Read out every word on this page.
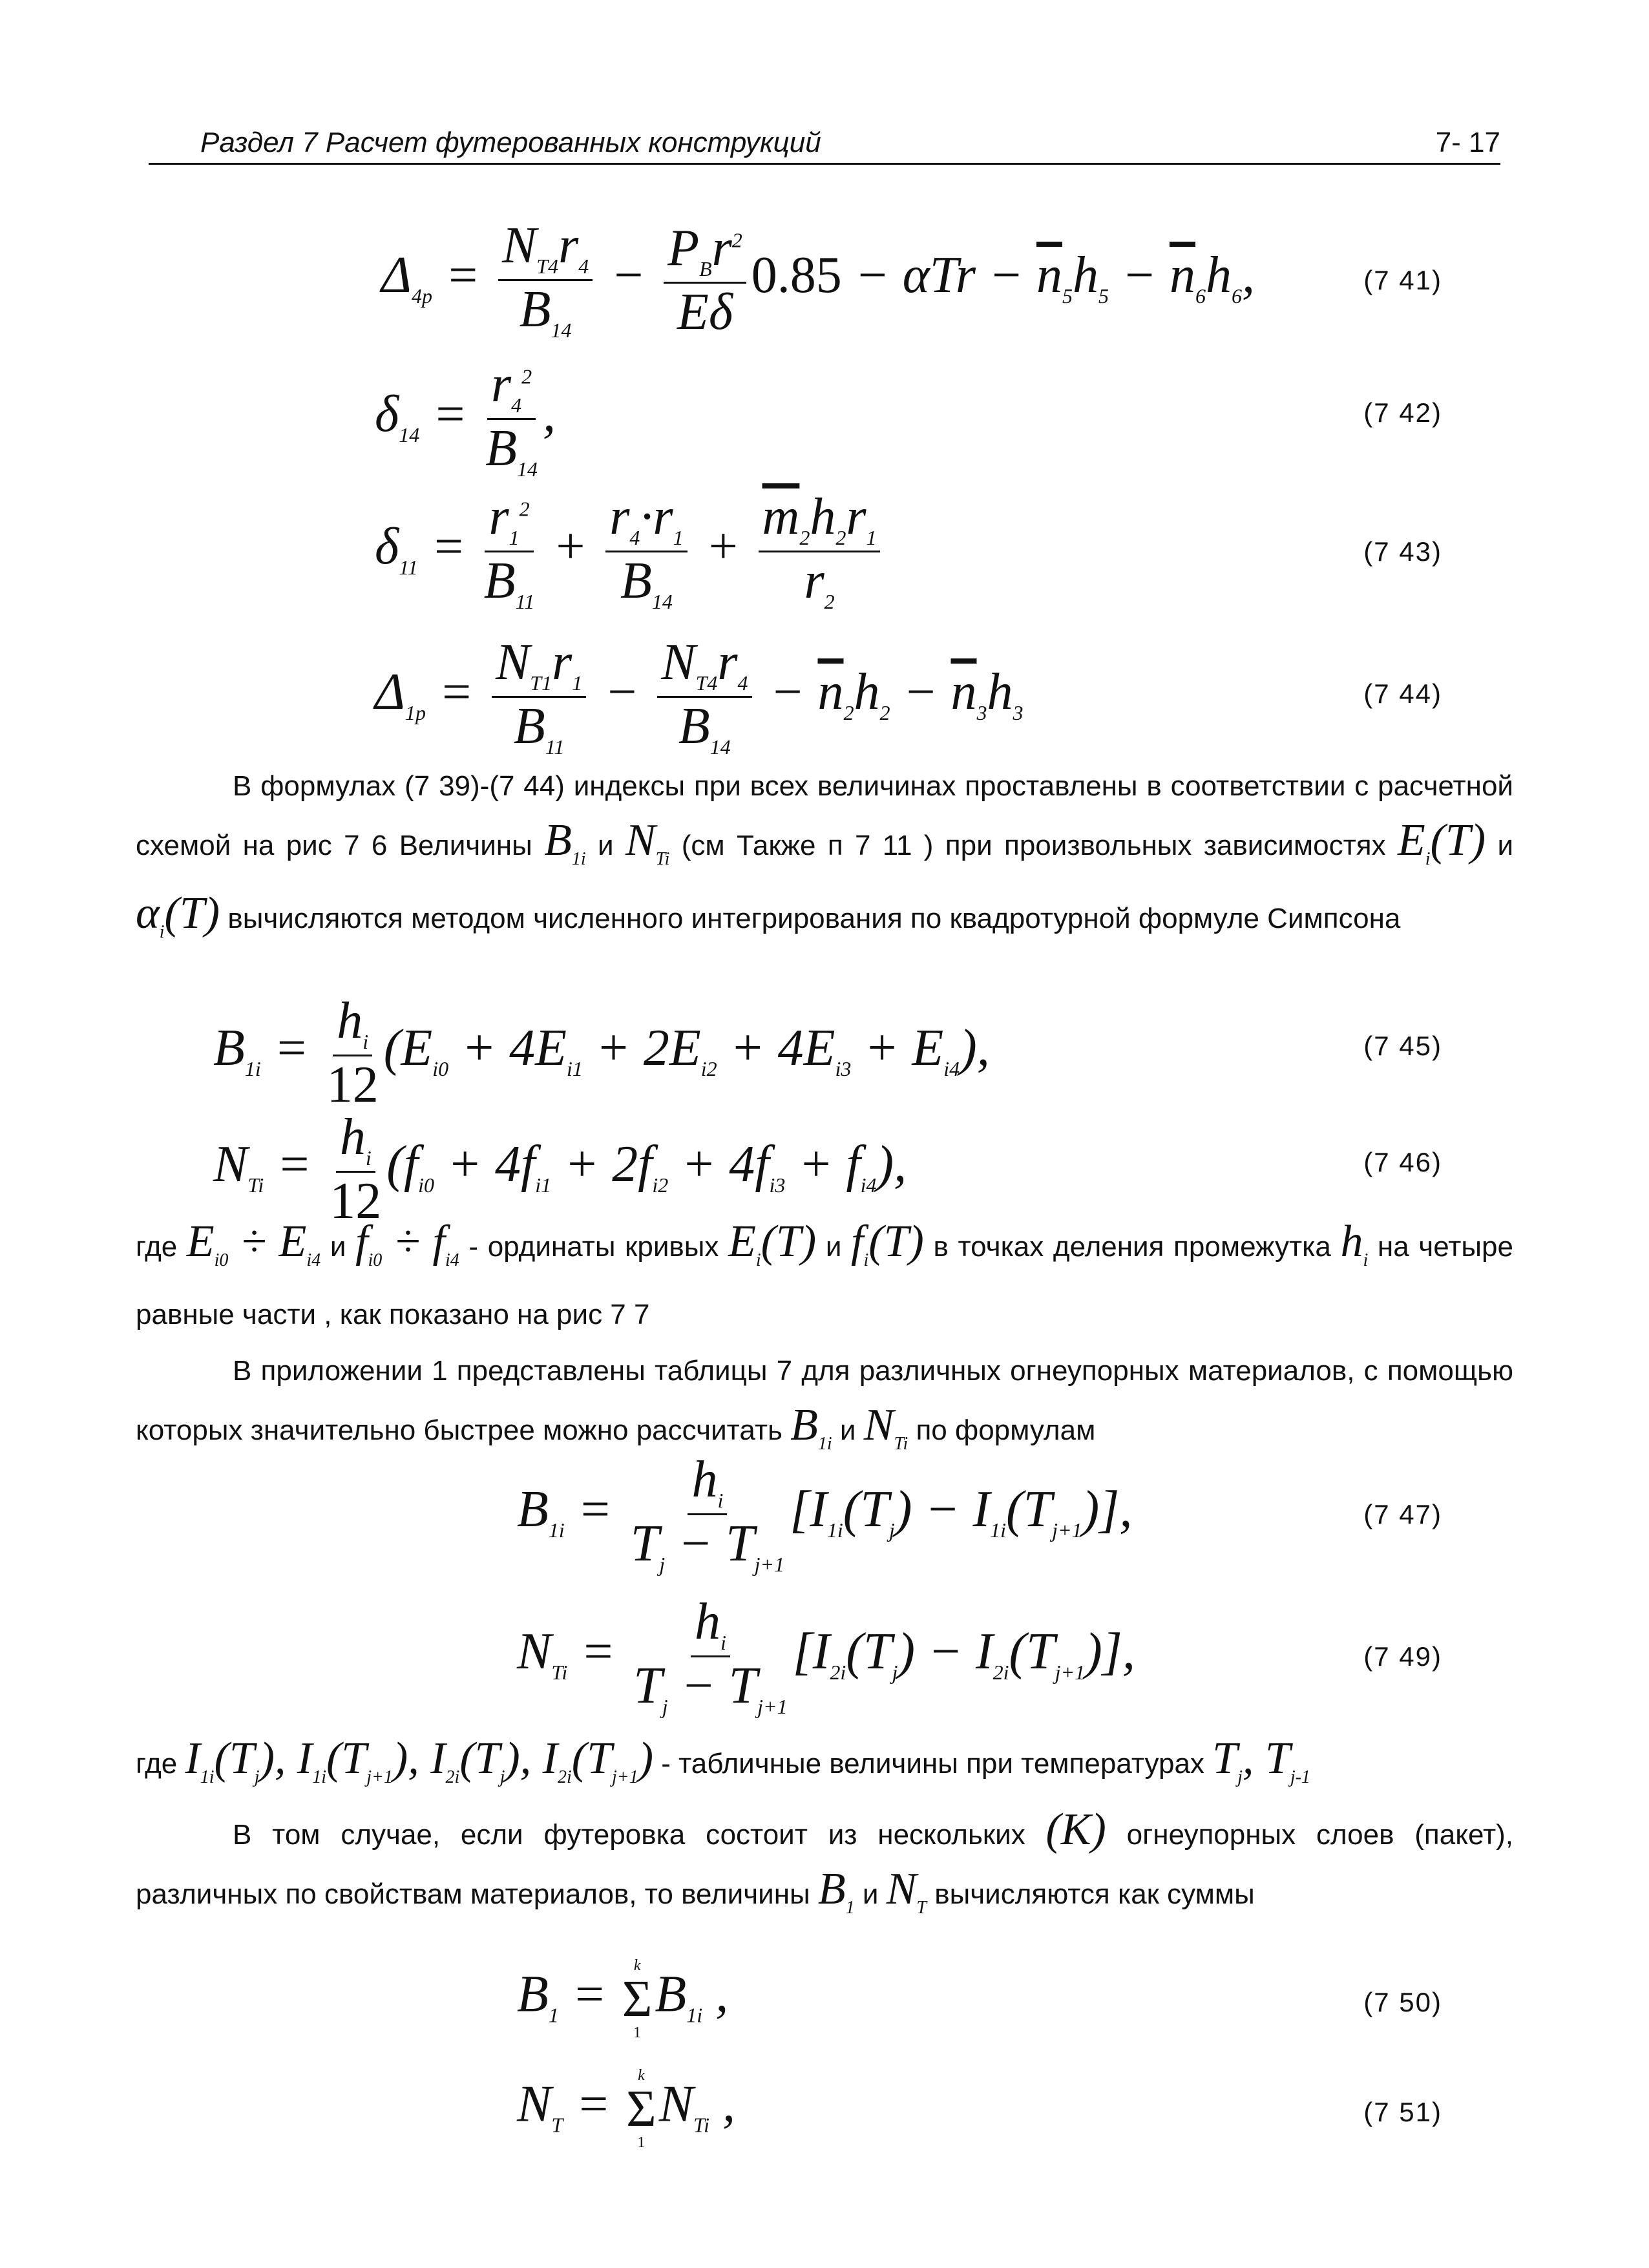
Раздел 7 Расчет футерованных конструкций	7- 17
$\Delta_{4p} = \frac{N_{T4}r_4}{B_{14}} - \frac{P_Br^2}{E\delta} 0.85 - \alpha Tr - \overline{n}_5h_5 - \overline{n}_6h_6$,	(7 41)
$\delta_{14} = \frac{r_4^2}{B_{14}}$ ,	(7 42)
$\delta_{11} = \frac{r_1^2}{B_{11}} + \frac{r_4\cdot r_1}{B_{14}} + \frac{\overline{m}_2h_2r_1}{r_2}$	(7 43)
$\Delta_{1p} = \frac{N_{T1}r_1}{B_{11}} - \frac{N_{T4}r_4}{B_{14}} - \overline{n}_2h_2 - \overline{n}_3h_3$
(7 44)
В формулах (7 39)-(7 44) индексы при всех величинах проставлены в соответствии с расчетной схемой на рис 7 6 Величины $B_{1i}$ и $N_{Ti}$ (см Также п 7 11 ) при произвольных зависимостях $E_i(T)$ и $\alpha_i(T)$ вычисляются методом численного интегрирования по квадротурной формуле Симпсона
$B_{1i} = \frac{h_i}{12} (E_{i0} + 4E_{i1} + 2E_{i2} + 4E_{i3} + E_{i4})$,	(7 45)
$N_{Ti} = \frac{h_i}{12} (f_{i0} + 4f_{i1} + 2f_{i2} + 4f_{i3} + f_{i4})$,	(7 46)
где $E_{i0} \div E_{i4}$ и $f_{i0} \div f_{i4}$ - ординаты кривых $E_i(T)$ и $f_i(T)$ в точках деления промежутка $h_i$ на четыре равные части , как показано на рис 7 7
В приложении 1 представлены таблицы 7 для различных огнеупорных материалов, с помощью которых значительно быстрее можно рассчитать $B_{1i}$ и $N_{Ti}$ по формулам
$B_{1i} = \frac{h_i}{T_j - T_{j+1}} [I_{1i}(T_j) - I_{1i}(T_{j+1})]$,	(7 47)
$N_{Ti} = \frac{h_i}{T_j - T_{j+1}} [I_{2i}(T_j) - I_{2i}(T_{j+1})]$,	(7 49)
где $I_{1i}(T_j)$, $I_{1i}(T_{j+1})$, $I_{2i}(T_j)$, $I_{2i}(T_{j+1})$ - табличные величины при температурах $T_j$, $T_{j-1}$
В том случае, если футеровка состоит из нескольких (K) огнеупорных слоев (пакет), различных по свойствам материалов, то величины $B_1$ и $N_T$ вычисляются как суммы
$B_1$ =
k
Σ
1
$B_{1i}$ ,	(7 50)
$N_T$ =
k
Σ
1
$N_{Ti}$ ,	(7 51)
